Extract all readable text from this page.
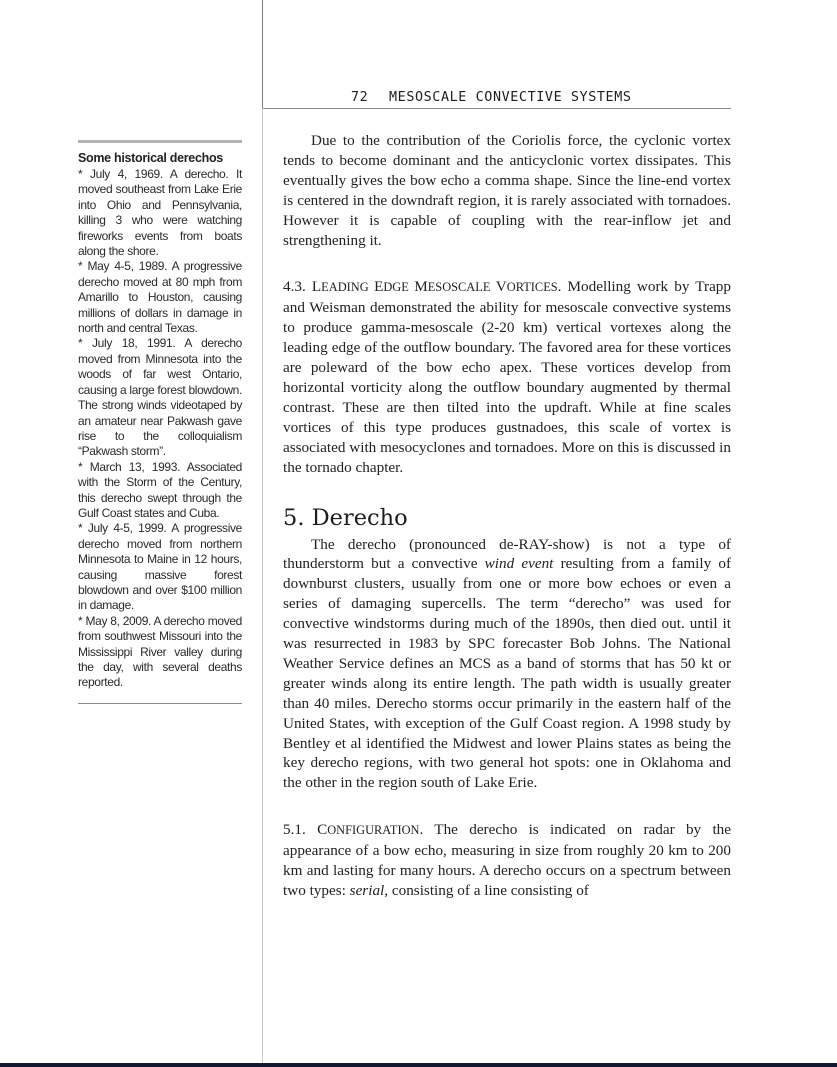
72 MESOSCALE CONVECTIVE SYSTEMS
Some historical derechos
* July 4, 1969. A derecho. It moved southeast from Lake Erie into Ohio and Pennsylvania, killing 3 who were watching fireworks events from boats along the shore.
* May 4-5, 1989. A progressive derecho moved at 80 mph from Amarillo to Houston, causing millions of dollars in damage in north and central Texas.
* July 18, 1991. A derecho moved from Minnesota into the woods of far west Ontario, causing a large forest blowdown. The strong winds videotaped by an amateur near Pakwash gave rise to the colloquialism “Pakwash storm”.
* March 13, 1993. Associated with the Storm of the Century, this derecho swept through the Gulf Coast states and Cuba.
* July 4-5, 1999. A progressive derecho moved from northern Minnesota to Maine in 12 hours, causing massive forest blowdown and over $100 million in damage.
* May 8, 2009. A derecho moved from southwest Missouri into the Mississippi River valley during the day, with several deaths reported.

Due to the contribution of the Coriolis force, the cyclonic vortex tends to become dominant and the anticyclonic vortex dissipates. This eventually gives the bow echo a comma shape. Since the line-end vortex is centered in the downdraft region, it is rarely associated with tornadoes. However it is capable of coupling with the rear-inflow jet and strengthening it.

4.3. LEADING EDGE MESOSCALE VORTICES. Modelling work by Trapp and Weisman demonstrated the ability for mesoscale convective systems to produce gamma-mesoscale (2-20 km) vertical vortexes along the leading edge of the outflow boundary. The favored area for these vortices are poleward of the bow echo apex. These vortices develop from horizontal vorticity along the outflow boundary augmented by thermal contrast. These are then tilted into the updraft. While at fine scales vortices of this type produces gustnadoes, this scale of vortex is associated with mesocyclones and tornadoes. More on this is discussed in the tornado chapter.

5. Derecho

The derecho (pronounced de-RAY-show) is not a type of thunderstorm but a convective wind event resulting from a family of downburst clusters, usually from one or more bow echoes or even a series of damaging supercells. The term “derecho” was used for convective windstorms during much of the 1890s, then died out. until it was resurrected in 1983 by SPC forecaster Bob Johns. The National Weather Service defines an MCS as a band of storms that has 50 kt or greater winds along its entire length. The path width is usually greater than 40 miles. Derecho storms occur primarily in the eastern half of the United States, with exception of the Gulf Coast region. A 1998 study by Bentley et al identified the Midwest and lower Plains states as being the key derecho regions, with two general hot spots: one in Oklahoma and the other in the region south of Lake Erie.

5.1. CONFIGURATION. The derecho is indicated on radar by the appearance of a bow echo, measuring in size from roughly 20 km to 200 km and lasting for many hours. A derecho occurs on a spectrum between two types: serial, consisting of a line consisting of
